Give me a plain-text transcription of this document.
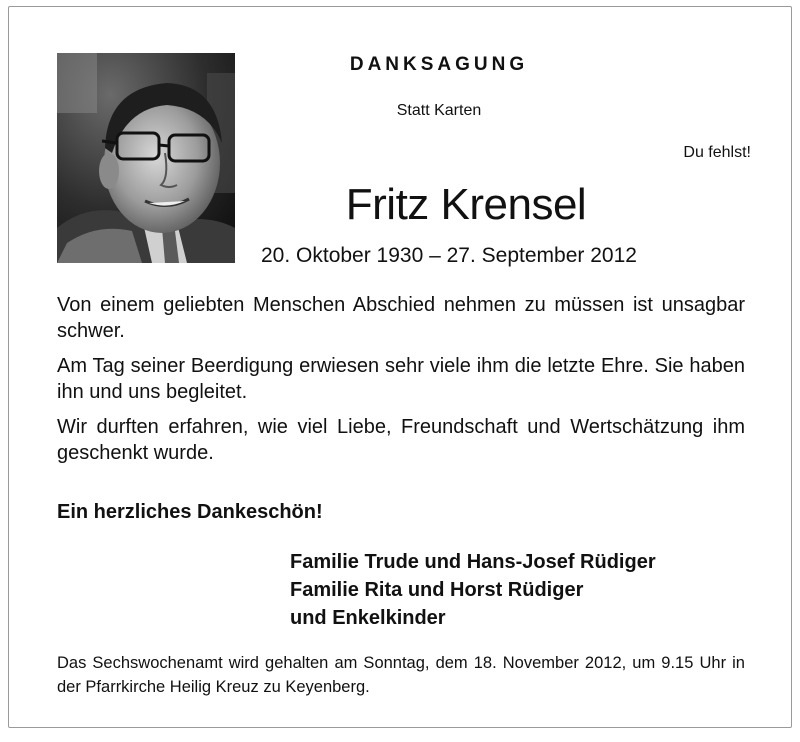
DANKSAGUNG
Statt Karten
Du fehlst!
Fritz Krensel
20. Oktober 1930 – 27. September 2012

Von einem geliebten Menschen Abschied nehmen zu müssen ist unsagbar schwer.

Am Tag seiner Beerdigung erwiesen sehr viele ihm die letzte Ehre. Sie haben ihn und uns begleitet.

Wir durften erfahren, wie viel Liebe, Freundschaft und Wertschätzung ihm geschenkt wurde.

Ein herzliches Dankeschön!
Familie Trude und Hans-Josef Rüdiger
Familie Rita und Horst Rüdiger
und Enkelkinder
Das Sechswochenamt wird gehalten am Sonntag, dem 18. November 2012, um 9.15 Uhr in der Pfarrkirche Heilig Kreuz zu Keyenberg.
